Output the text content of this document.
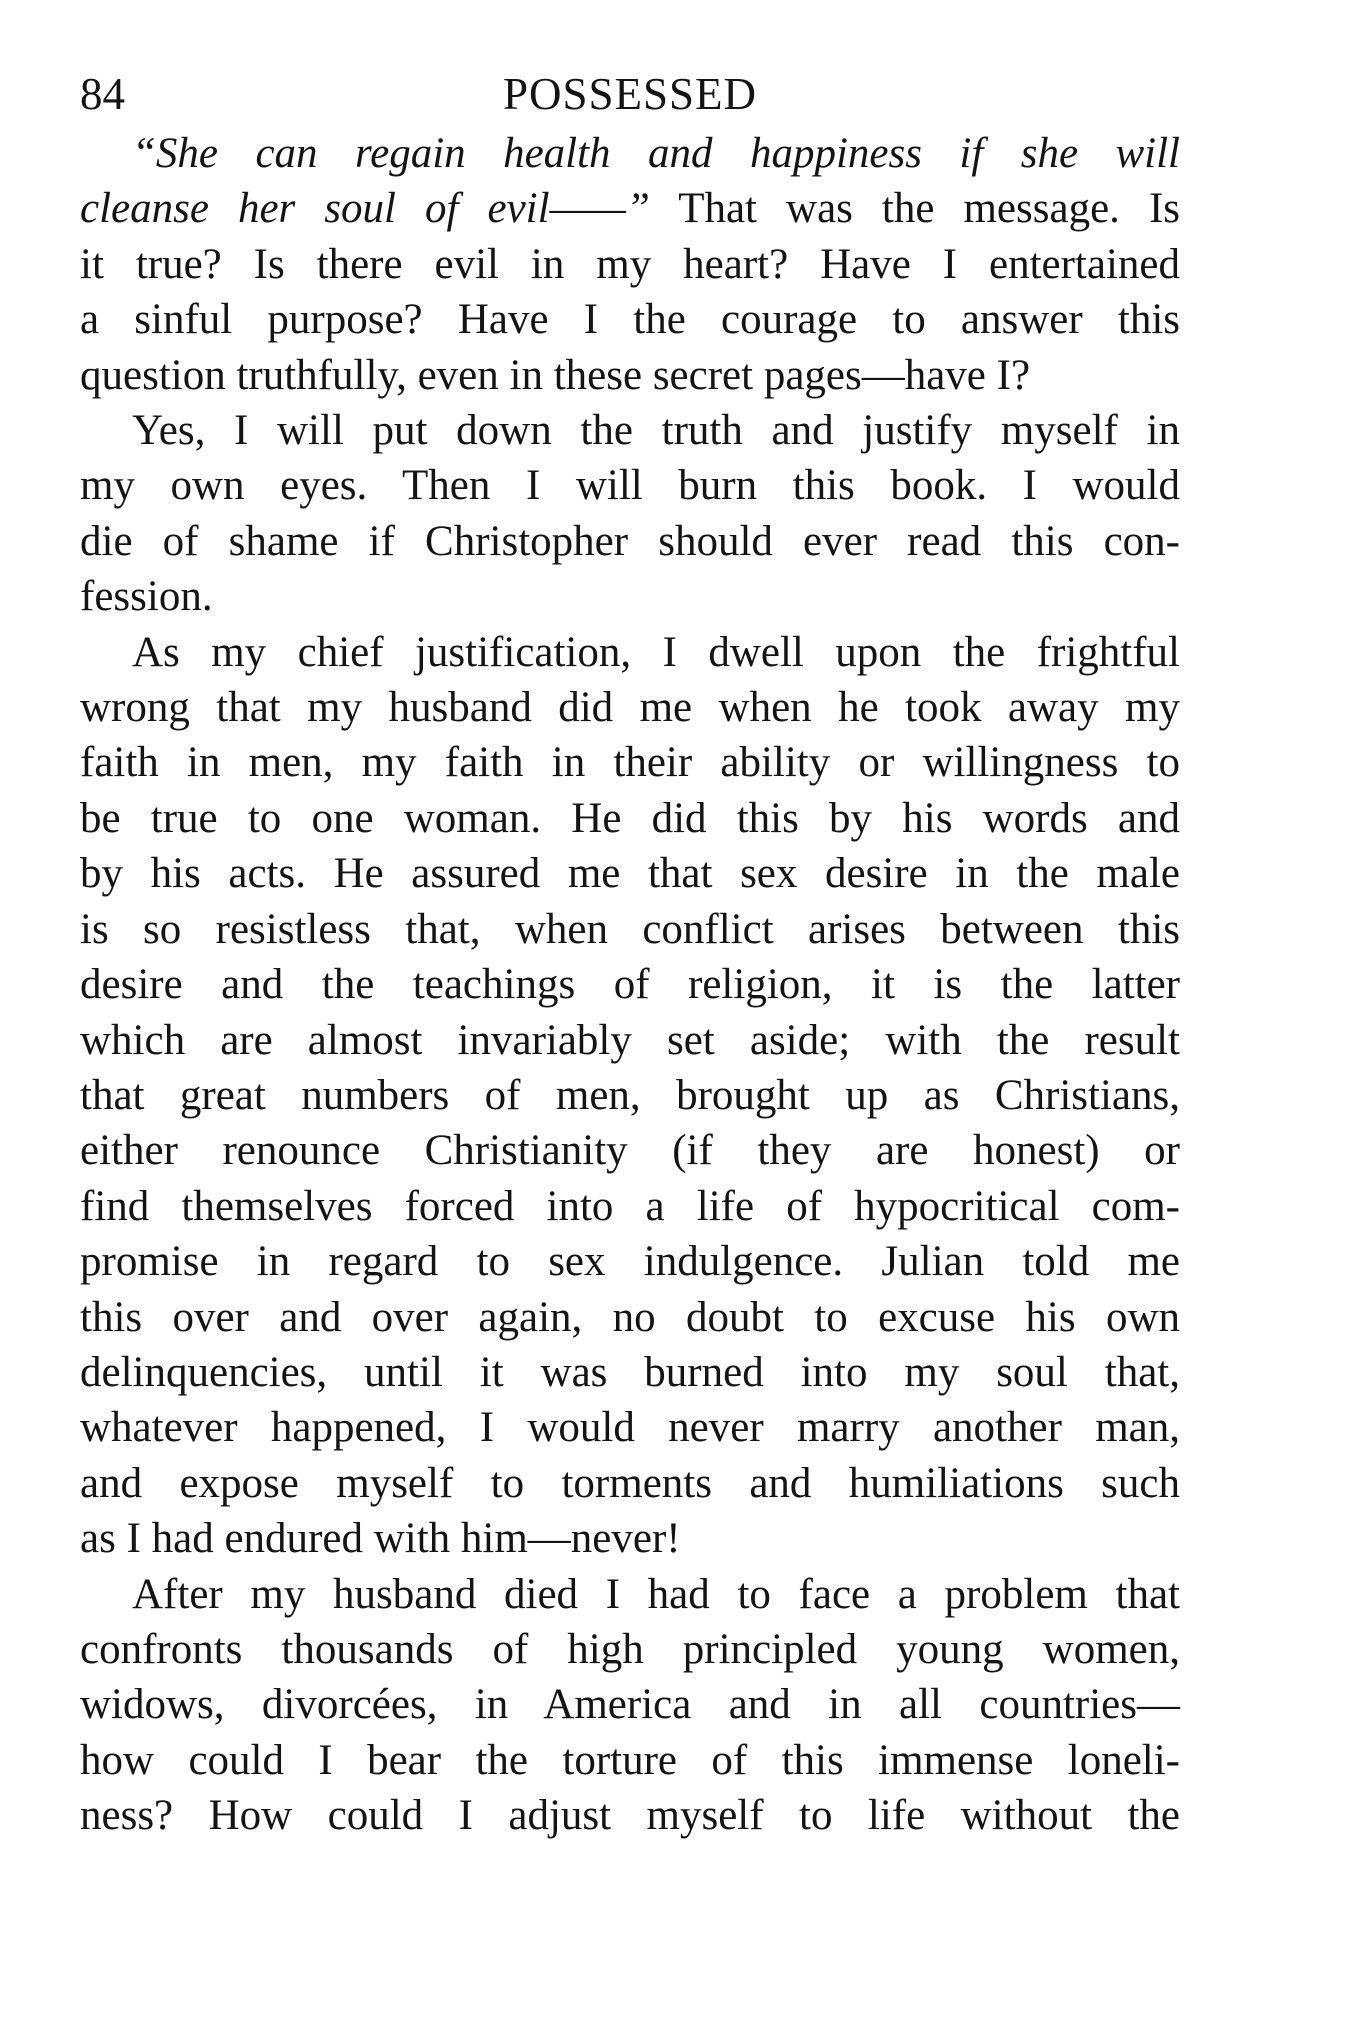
84	POSSESSED
“She can regain health and happiness if she will
cleanse her soul of evil——” That was the message. Is
it true? Is there evil in my heart? Have I entertained
a sinful purpose? Have I the courage to answer this
question truthfully, even in these secret pages—have I?
Yes, I will put down the truth and justify myself in
my own eyes. Then I will burn this book. I would
die of shame if Christopher should ever read this con-
fession.
As my chief justification, I dwell upon the frightful
wrong that my husband did me when he took away my
faith in men, my faith in their ability or willingness to
be true to one woman. He did this by his words and
by his acts. He assured me that sex desire in the male
is so resistless that, when conflict arises between this
desire and the teachings of religion, it is the latter
which are almost invariably set aside; with the result
that great numbers of men, brought up as Christians,
either renounce Christianity (if they are honest) or
find themselves forced into a life of hypocritical com-
promise in regard to sex indulgence. Julian told me
this over and over again, no doubt to excuse his own
delinquencies, until it was burned into my soul that,
whatever happened, I would never marry another man,
and expose myself to torments and humiliations such
as I had endured with him—never!
After my husband died I had to face a problem that
confronts thousands of high principled young women,
widows, divorcées, in America and in all countries—
how could I bear the torture of this immense loneli-
ness? How could I adjust myself to life without the
